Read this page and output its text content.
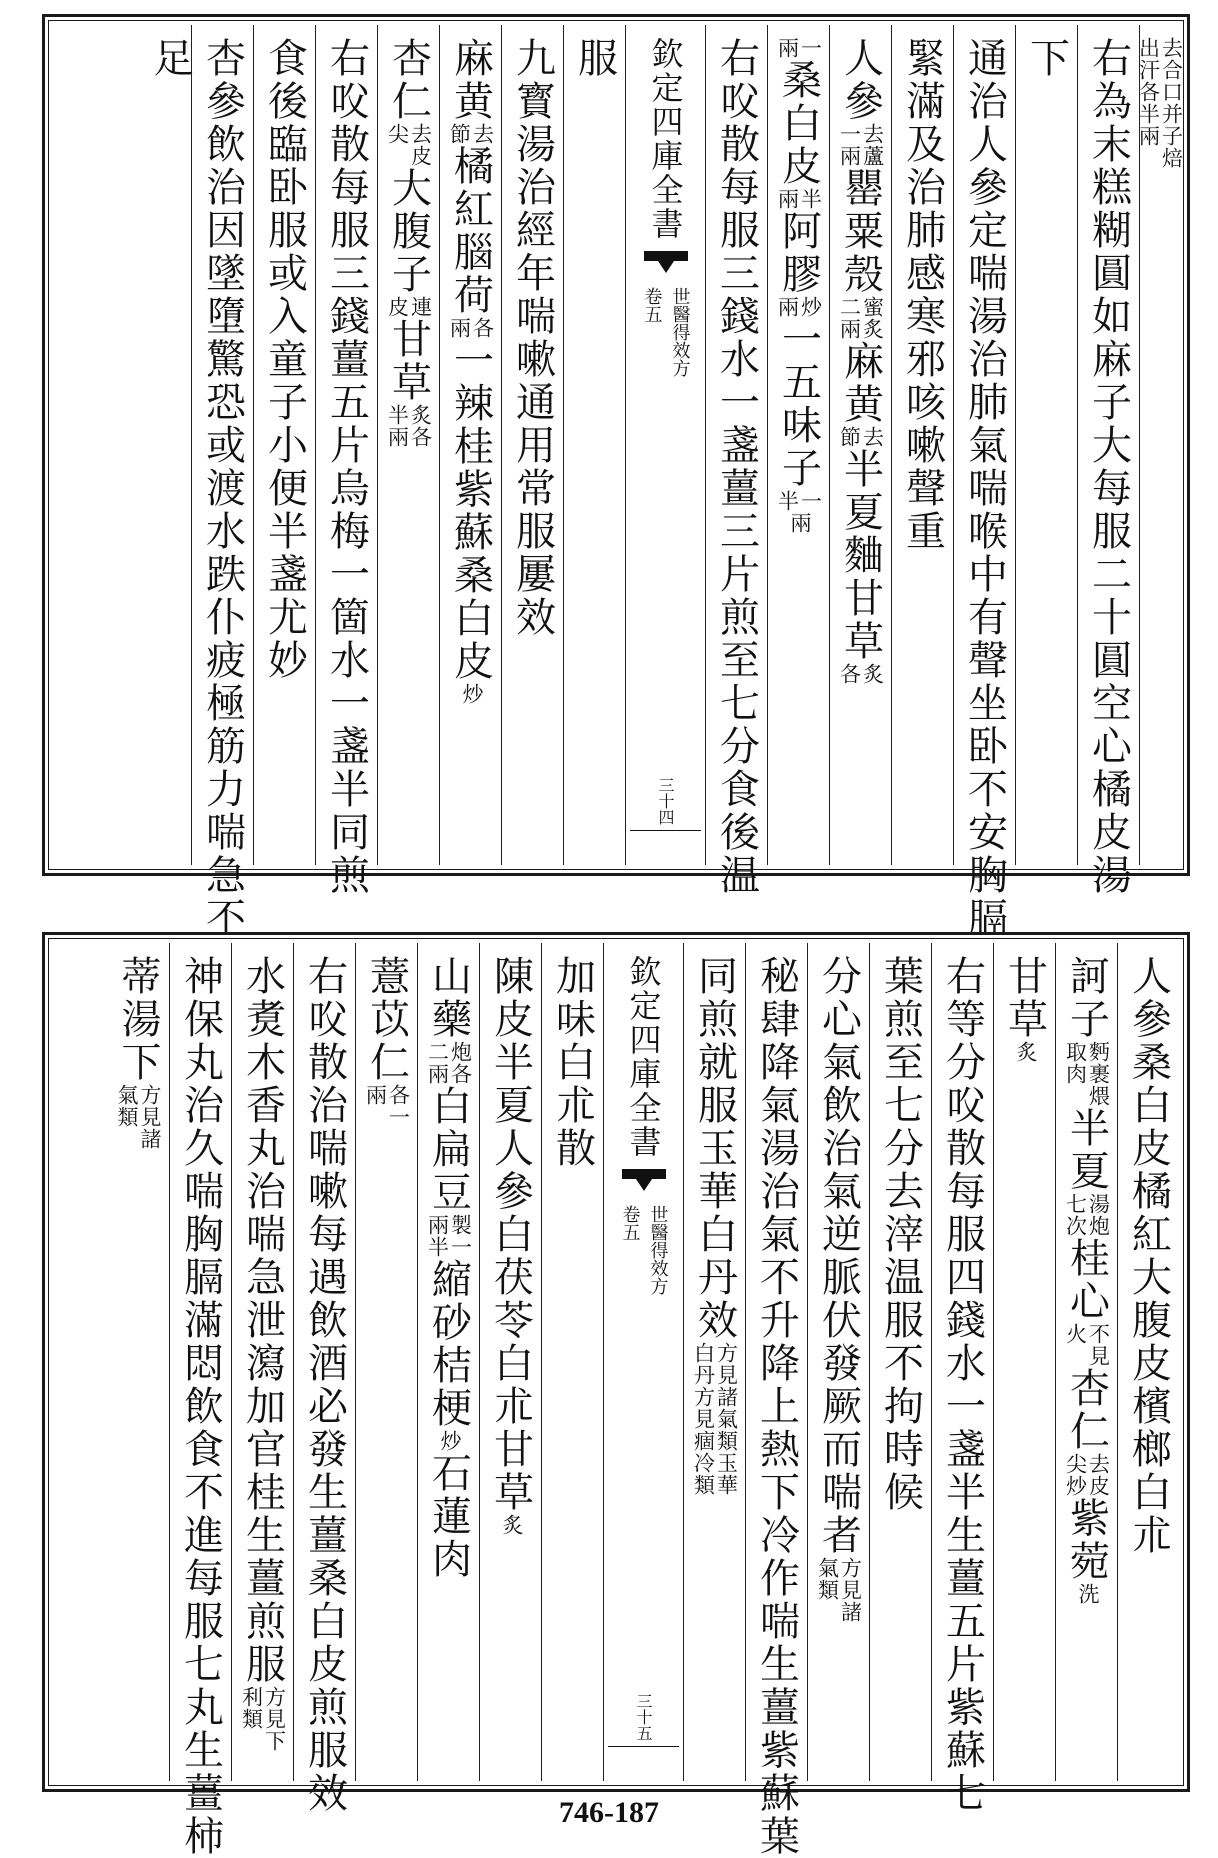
去合口并子焙
出汗各半兩
右為末糕糊圓如麻子大每服二十圓空心橘皮湯
下
通治人參定喘湯治肺氣喘喉中有聲坐卧不安胸膈
緊滿及治肺感寒邪咳嗽聲重
人參
去蘆
一兩
罌粟殼
蜜炙
二兩
麻黄
去
節
半夏麯
甘草
炙
各
一
兩
桑白皮
半
兩
阿膠
炒
兩
一五味子
一
半
兩
右㕮散每服三錢水一盞薑三片煎至七分食後温
欽定四庫全書
世醫得效方
卷五
三十四
服
九寳湯治經年喘嗽通用常服屢效
麻黄
去
節
橘紅
腦荷
各
兩
一辣桂
紫蘇
桑白皮
炒
杏仁
去皮
尖
大腹子
連
皮
甘草
炙各
半兩
右㕮散每服三錢薑五片烏梅一箇水一盞半同煎
食後臨卧服或入童子小便半盞尤妙
杏參飲治因墜墮驚恐或渡水跌仆疲極筋力喘急不
足
人參
桑白皮
橘紅
大腹皮
檳榔
白朮
訶子
麪裹煨
取肉
半夏
湯炮
七次
桂心
不見
火
杏仁
去皮
尖炒
紫菀
洗
甘草
炙
右等分㕮散每服四錢水一盞半生薑五片紫蘇七
葉煎至七分去滓温服不拘時候
分心氣飲治氣逆脈伏發厥而喘者
方見諸
氣類
秘肆降氣湯治氣不升降上熱下冷作喘生薑紫蘇葉
同煎就服玉華白丹效
方見諸氣類玉華
白丹方見痼冷類
欽定四庫全書
世醫得效方
卷五
三十五
加味白朮散
陳皮
半夏
人參
白茯苓
白朮
甘草
炙
山藥
炮各
二兩
白扁豆
製一
兩半
縮砂
桔梗
炒
石蓮肉
薏苡仁
各一
兩
右㕮散治喘嗽每遇飲酒必發生薑桑白皮煎服效
水煑木香丸治喘急泄瀉加官桂生薑煎服
方見下
利類
神保丸治久喘胸膈滿悶飲食不進每服七丸生薑柿
蒂湯下
方見諸
氣類
746-187
